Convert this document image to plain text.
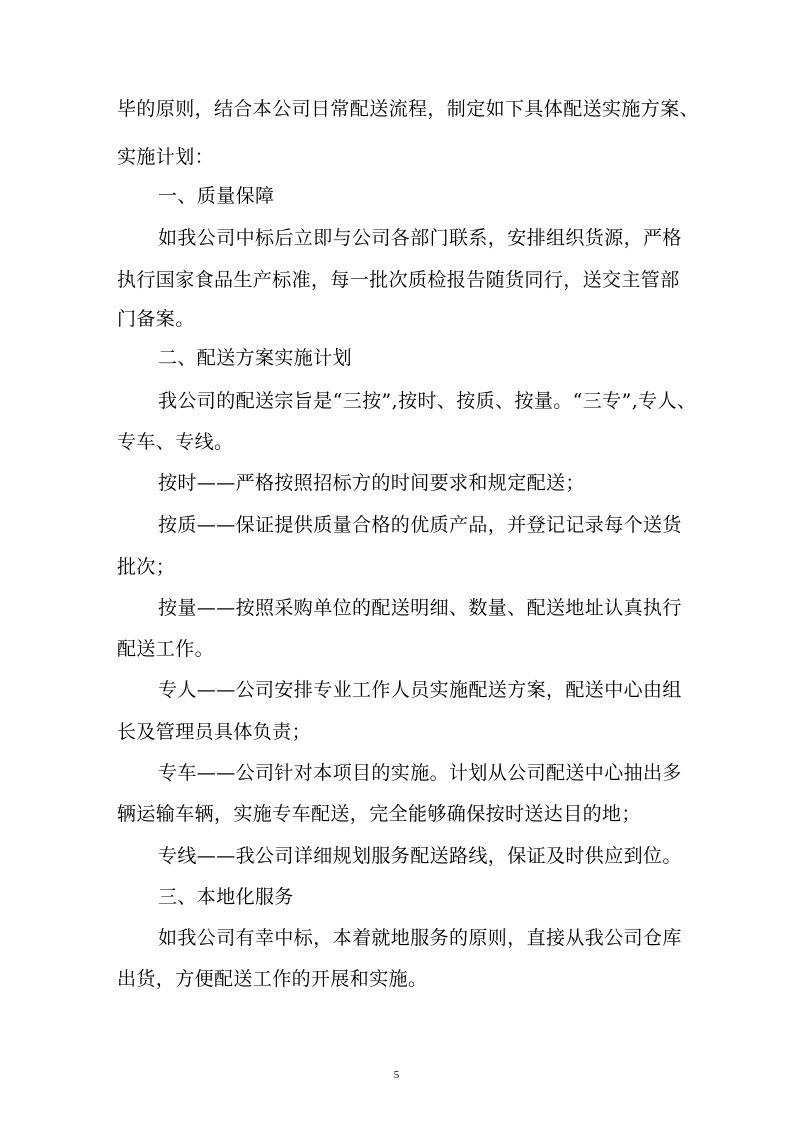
毕的原则，结合本公司日常配送流程，制定如下具体配送实施方案、
实施计划：
一、质量保障
如我公司中标后立即与公司各部门联系，安排组织货源，严格
执行国家食品生产标准，每一批次质检报告随货同行，送交主管部
门备案。
二、配送方案实施计划
我公司的配送宗旨是“三按”,按时、按质、按量。“三专”,专人、
专车、专线。
按时——严格按照招标方的时间要求和规定配送；
按质——保证提供质量合格的优质产品，并登记记录每个送货
批次；
按量——按照采购单位的配送明细、数量、配送地址认真执行
配送工作。
专人——公司安排专业工作人员实施配送方案，配送中心由组
长及管理员具体负责；
专车——公司针对本项目的实施。计划从公司配送中心抽出多
辆运输车辆，实施专车配送，完全能够确保按时送达目的地；
专线——我公司详细规划服务配送路线，保证及时供应到位。
三、本地化服务
如我公司有幸中标，本着就地服务的原则，直接从我公司仓库
出货，方便配送工作的开展和实施。
5
